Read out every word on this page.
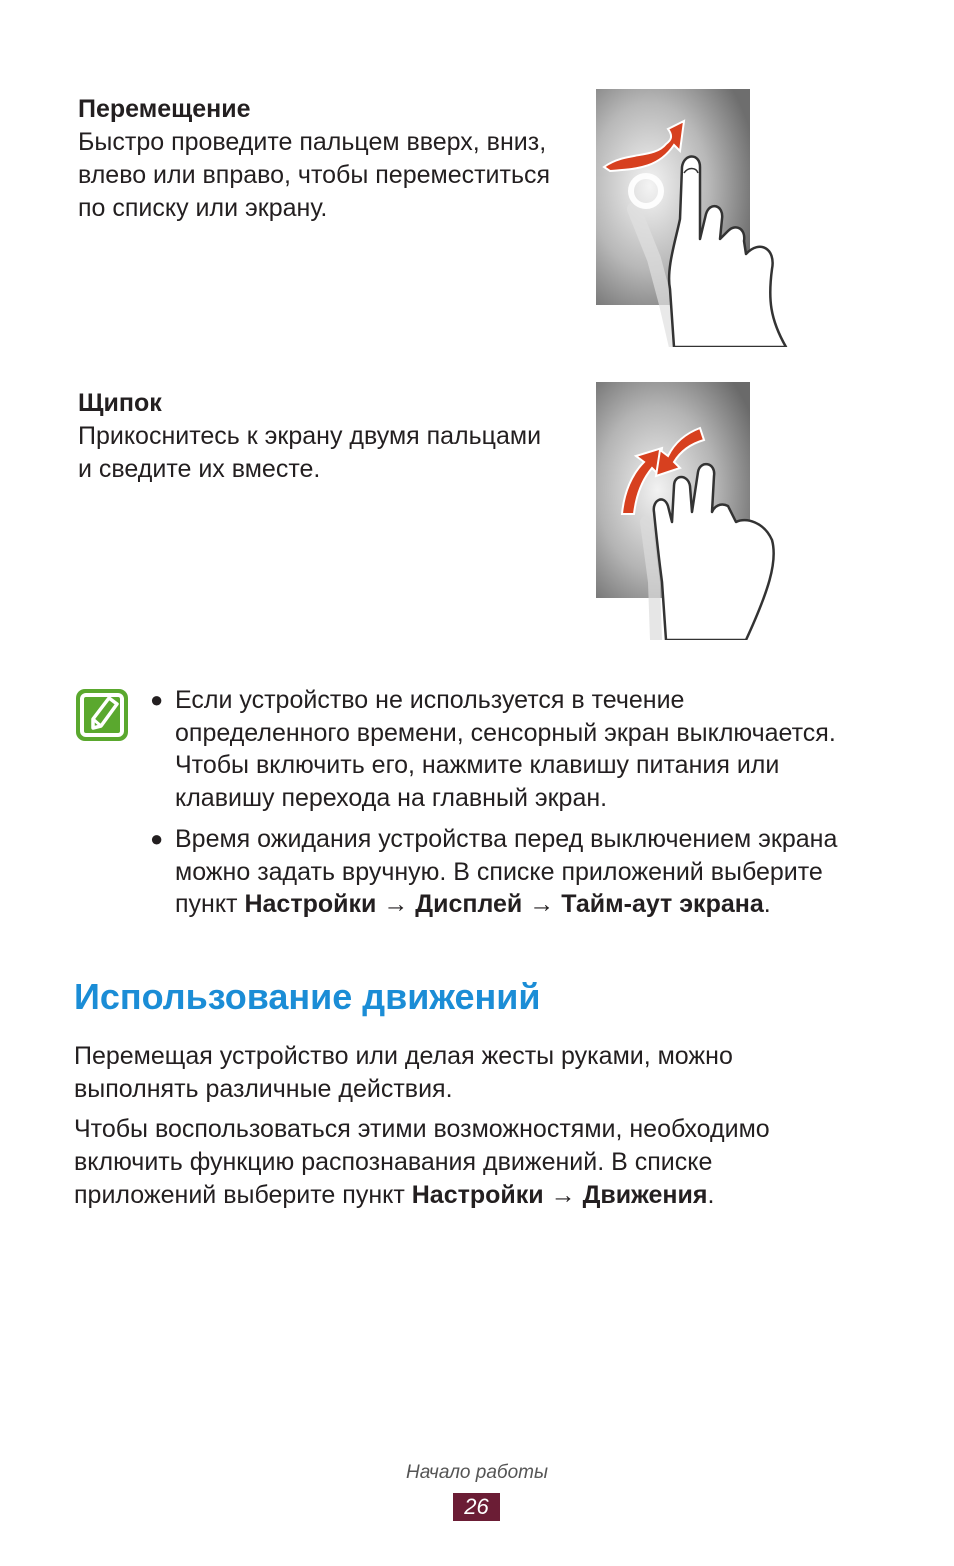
Перемещение

Быстро проведите пальцем вверх, вниз,
влево или вправо, чтобы переместиться
по списку или экрану.

Щипок

Прикоснитесь к экрану двумя пальцами
и сведите их вместе.

● Если устройство не используется в течение
определенного времени, сенсорный экран выключается.
Чтобы включить его, нажмите клавишу питания или
клавишу перехода на главный экран.
● Время ожидания устройства перед выключением экрана
можно задать вручную. В списке приложений выберите
пункт Настройки → Дисплей → Тайм-аут экрана.
Использование движений

Перемещая устройство или делая жесты руками, можно
выполнять различные действия.

Чтобы воспользоваться этими возможностями, необходимо
включить функцию распознавания движений. В списке
приложений выберите пункт Настройки → Движения.

Начало работы
26
